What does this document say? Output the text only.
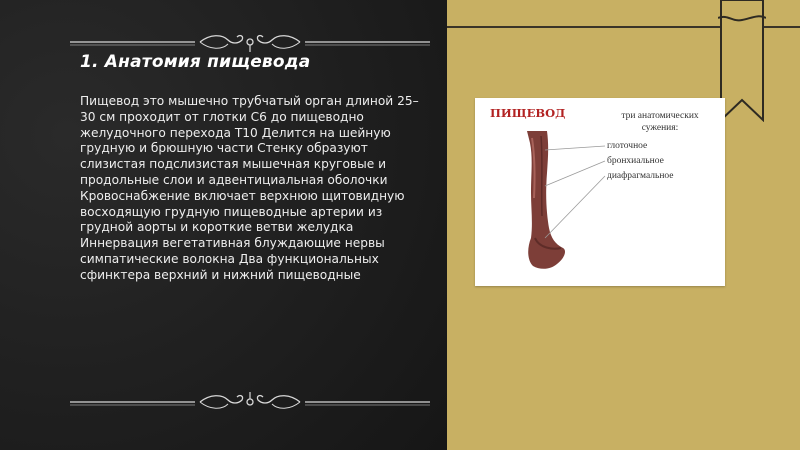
1. Анатомия пищевода

Пищевод это мышечно трубчатый орган длиной 25–30 см проходит от глотки С6 до пищеводно желудочного перехода Т10 Делится на шейную грудную и брюшную части Стенку образуют слизистая подслизистая мышечная круговые и продольные слои и адвентициальная оболочки Кровоснабжение включает верхнюю щитовидную восходящую грудную пищеводные артерии из грудной аорты и короткие ветви желудка Иннервация вегетативная блуждающие нервы симпатические волокна Два функциональных сфинктера верхний и нижний пищеводные

ПИЩЕВОД	три анатомических
сужения:
глоточное
бронхиальное
диафрагмальное
